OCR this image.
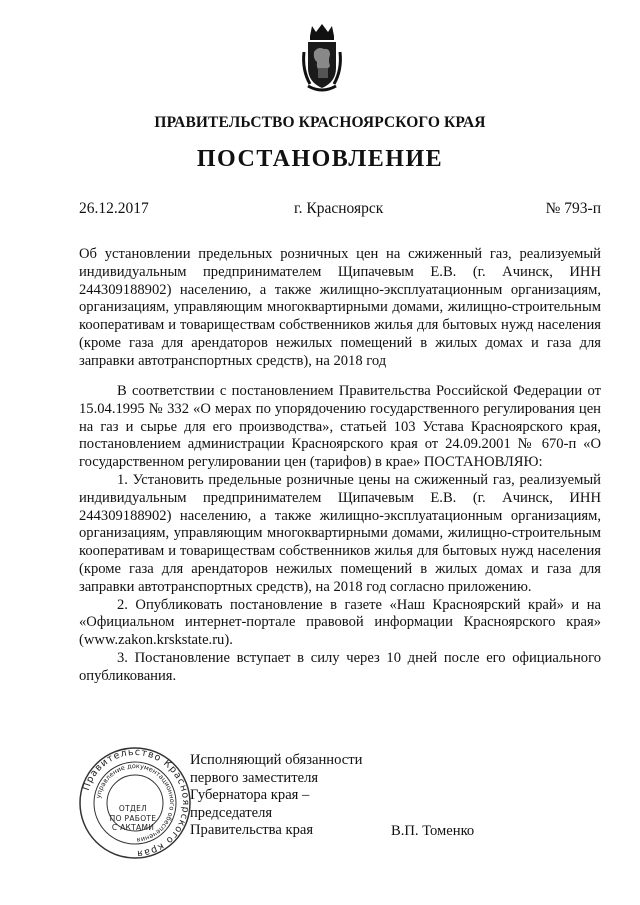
ПРАВИТЕЛЬСТВО КРАСНОЯРСКОГО КРАЯ
ПОСТАНОВЛЕНИЕ
26.12.2017	г. Красноярск	№ 793-п
Об установлении предельных розничных цен на сжиженный газ, реализуемый индивидуальным предпринимателем Щипачевым Е.В. (г. Ачинск, ИНН 244309188902) населению, а также жилищно-эксплуатационным организациям, организациям, управляющим многоквартирными домами, жилищно-строительным кооперативам и товариществам собственников жилья для бытовых нужд населения (кроме газа для арендаторов нежилых помещений в жилых домах и газа для заправки автотранспортных средств), на 2018 год

В соответствии с постановлением Правительства Российской Федерации от 15.04.1995 № 332 «О мерах по упорядочению государственного регулирования цен на газ и сырье для его производства», статьей 103 Устава Красноярского края, постановлением администрации Красноярского края от 24.09.2001 № 670-п «О государственном регулировании цен (тарифов) в крае» ПОСТАНОВЛЯЮ:

1. Установить предельные розничные цены на сжиженный газ, реализуемый индивидуальным предпринимателем Щипачевым Е.В. (г. Ачинск, ИНН 244309188902) населению, а также жилищно-эксплуатационным организациям, организациям, управляющим многоквартирными домами, жилищно-строительным кооперативам и товариществам собственников жилья для бытовых нужд населения (кроме газа для арендаторов нежилых помещений в жилых домах и газа для заправки автотранспортных средств), на 2018 год согласно приложению.

2. Опубликовать постановление в газете «Наш Красноярский край» и на «Официальном интернет-портале правовой информации Красноярского края» (www.zakon.krskstate.ru).

3. Постановление вступает в силу через 10 дней после его официального опубликования.

Правительство Красноярского края
управление документационного обеспечения
ОТДЕЛ
ПО РАБОТЕ
С АКТАМИ
Исполняющий обязанности
первого заместителя
Губернатора края –
председателя
Правительства края	В.П. Томенко
